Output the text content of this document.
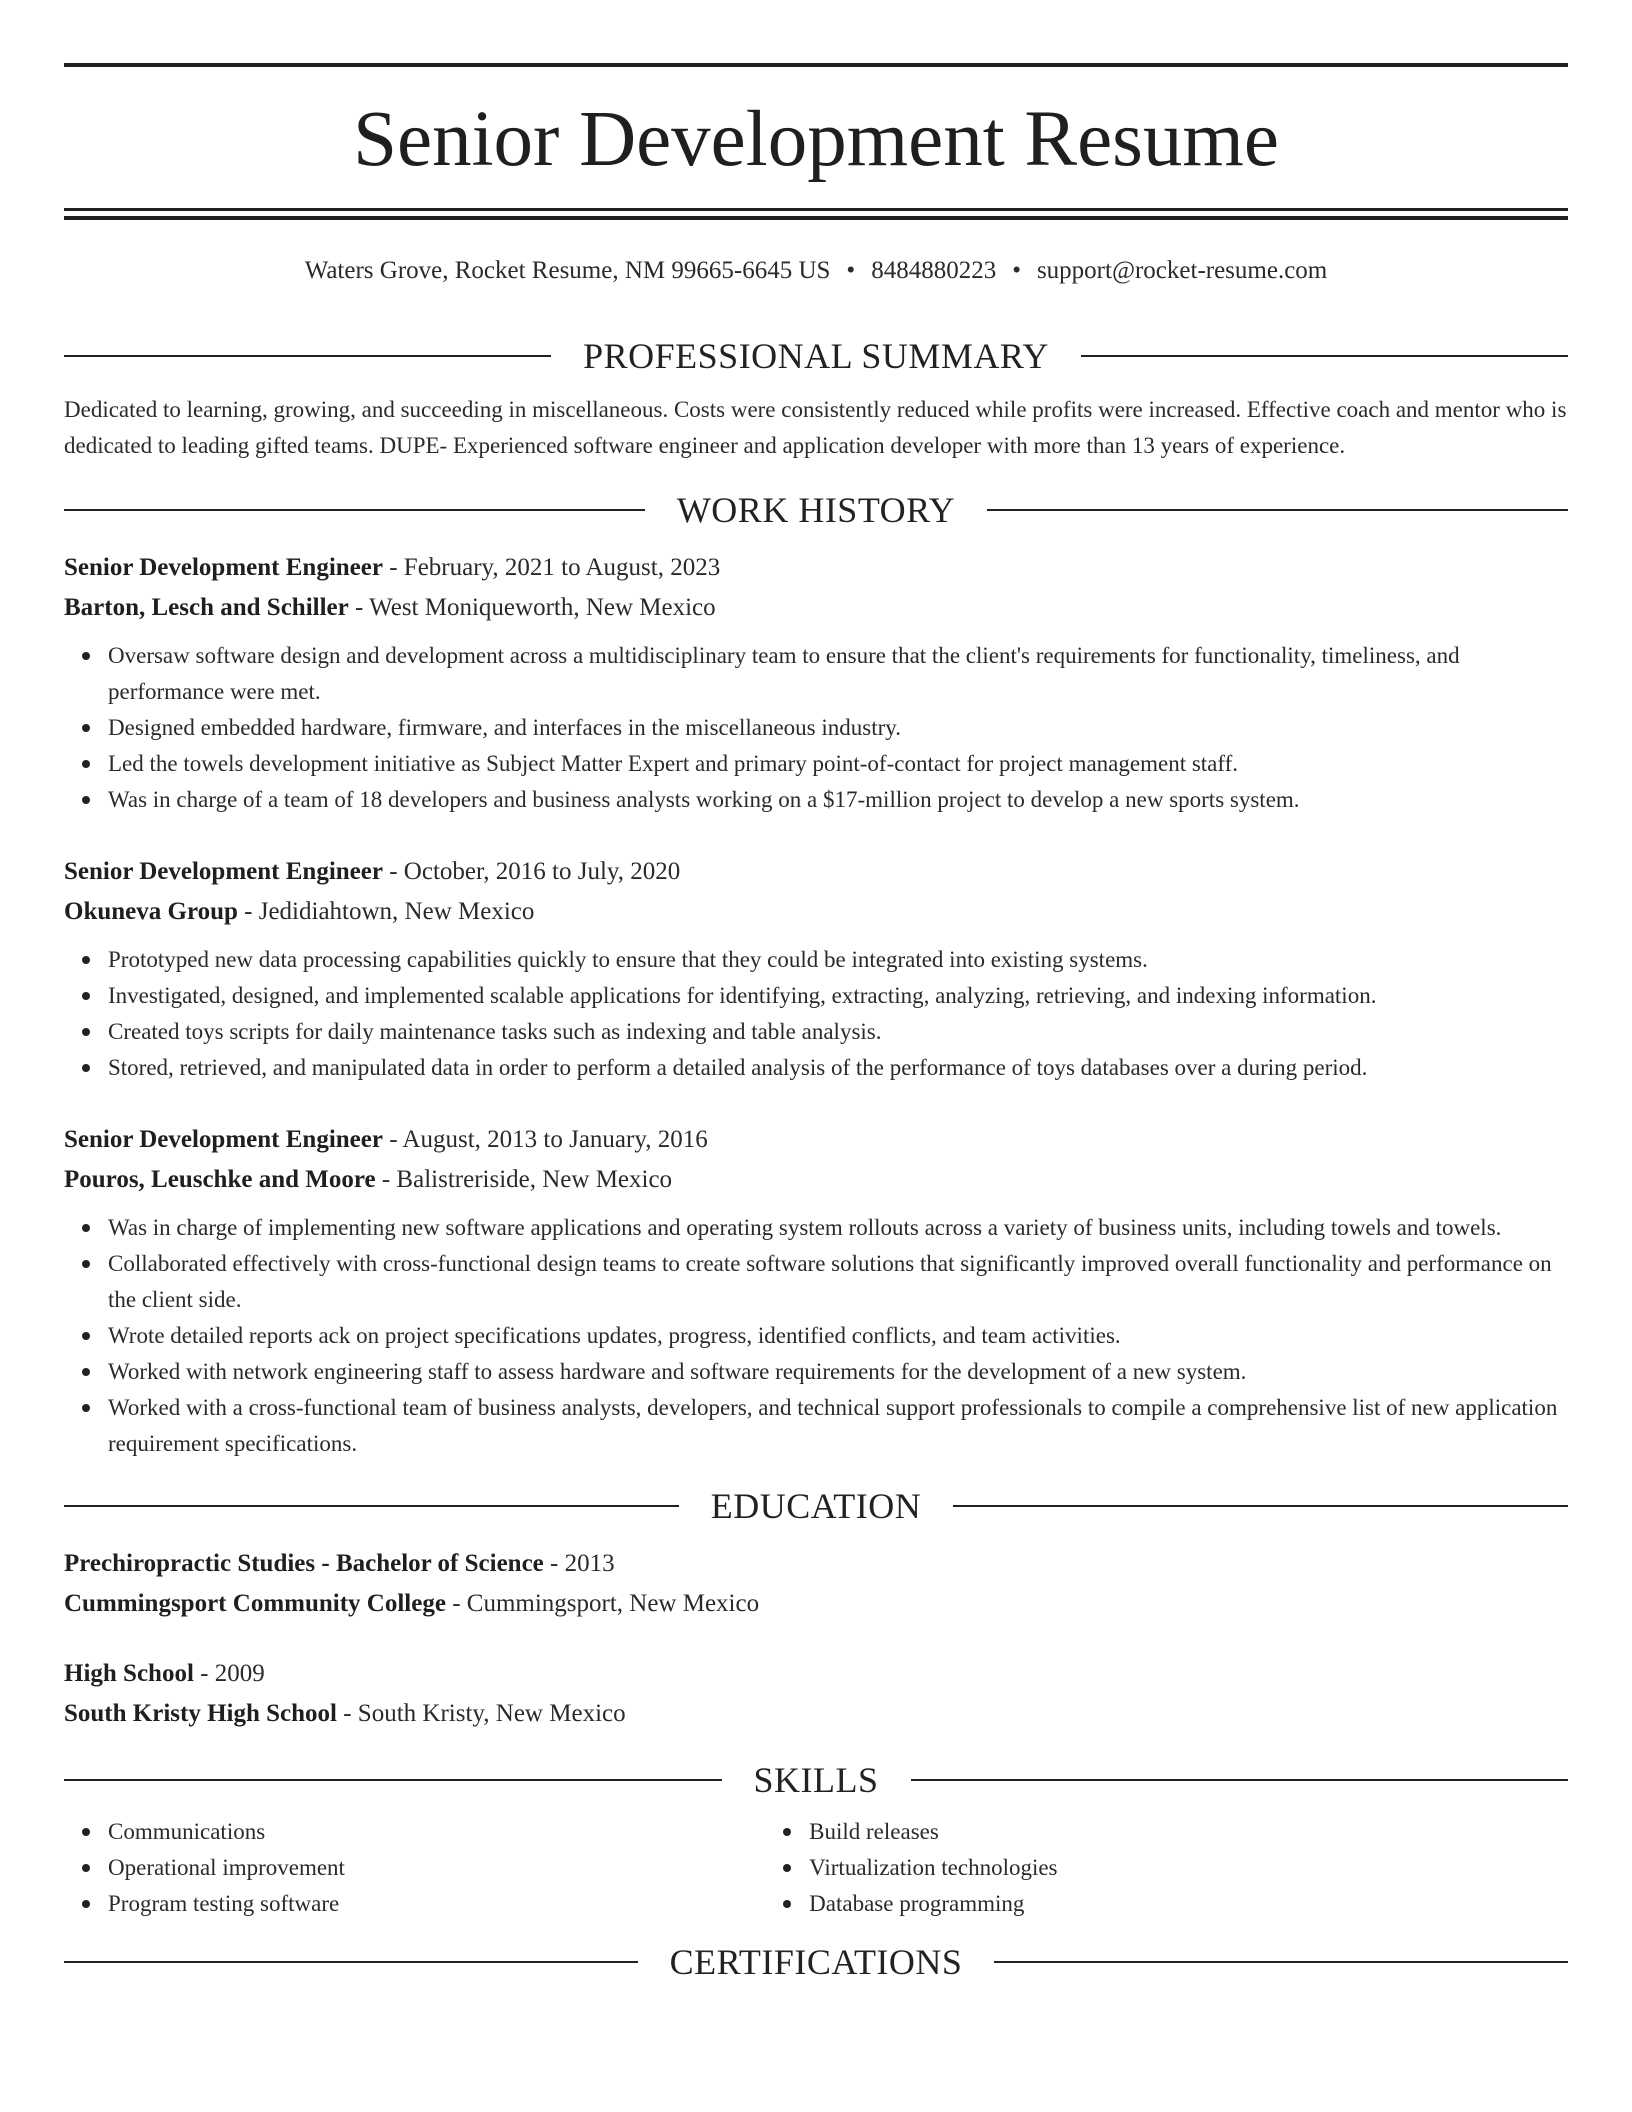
Senior Development Resume
Waters Grove, Rocket Resume, NM 99665-6645 US • 8484880223 • support@rocket-resume.com
PROFESSIONAL SUMMARY

Dedicated to learning, growing, and succeeding in miscellaneous. Costs were consistently reduced while profits were increased. Effective coach and mentor who is dedicated to leading gifted teams. DUPE- Experienced software engineer and application developer with more than 13 years of experience.

WORK HISTORY
Senior Development Engineer - February, 2021 to August, 2023
Barton, Lesch and Schiller - West Moniqueworth, New Mexico
Oversaw software design and development across a multidisciplinary team to ensure that the client's requirements for functionality, timeliness, and performance were met.
Designed embedded hardware, firmware, and interfaces in the miscellaneous industry.
Led the towels development initiative as Subject Matter Expert and primary point-of-contact for project management staff.
Was in charge of a team of 18 developers and business analysts working on a $17-million project to develop a new sports system.
Senior Development Engineer - October, 2016 to July, 2020
Okuneva Group - Jedidiahtown, New Mexico
Prototyped new data processing capabilities quickly to ensure that they could be integrated into existing systems.
Investigated, designed, and implemented scalable applications for identifying, extracting, analyzing, retrieving, and indexing information.
Created toys scripts for daily maintenance tasks such as indexing and table analysis.
Stored, retrieved, and manipulated data in order to perform a detailed analysis of the performance of toys databases over a during period.
Senior Development Engineer - August, 2013 to January, 2016
Pouros, Leuschke and Moore - Balistreriside, New Mexico
Was in charge of implementing new software applications and operating system rollouts across a variety of business units, including towels and towels.
Collaborated effectively with cross-functional design teams to create software solutions that significantly improved overall functionality and performance on the client side.
Wrote detailed reports ack on project specifications updates, progress, identified conflicts, and team activities.
Worked with network engineering staff to assess hardware and software requirements for the development of a new system.
Worked with a cross-functional team of business analysts, developers, and technical support professionals to compile a comprehensive list of new application requirement specifications.
EDUCATION
Prechiropractic Studies - Bachelor of Science - 2013
Cummingsport Community College - Cummingsport, New Mexico
High School - 2009
South Kristy High School - South Kristy, New Mexico
SKILLS
Communications
Operational improvement
Program testing software
Build releases
Virtualization technologies
Database programming
CERTIFICATIONS
